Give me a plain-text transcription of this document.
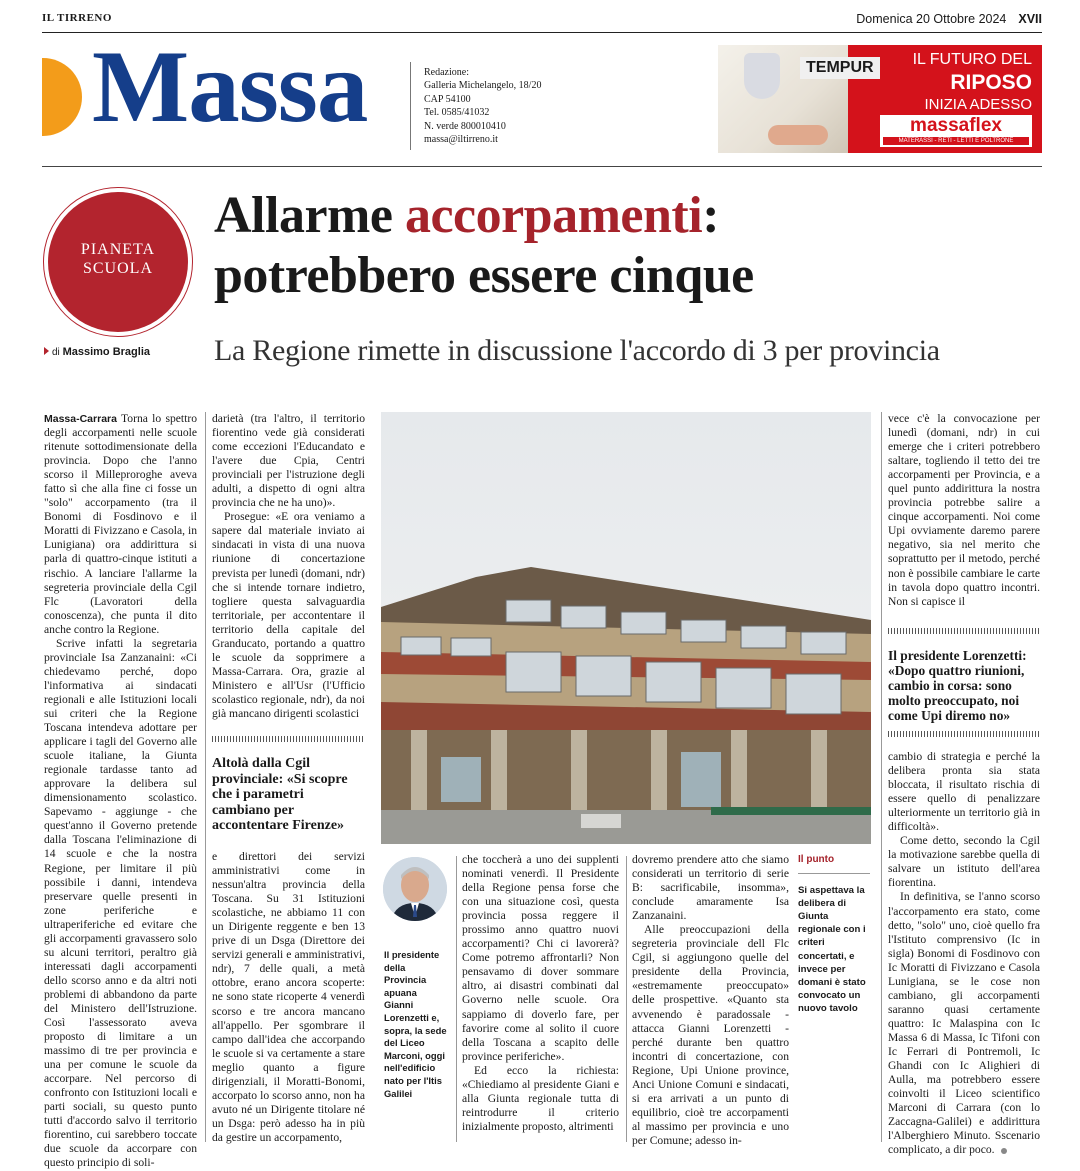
IL TIRRENO	Domenica 20 Ottobre 2024 XVII
Massa	Redazione:
Galleria Michelangelo, 18/20
CAP 54100
Tel. 0585/41032
N. verde 800010410
massa@iltirreno.it
TEMPUR	IL FUTURO DEL
RIPOSO
INIZIA ADESSO
massaflex
MATERASSI - RETI - LETTI E POLTRONE
PIANETA
SCUOLA
di Massimo Braglia
Allarme accorpamenti:
potrebbero essere cinque
La Regione rimette in discussione l'accordo di 3 per provincia

Massa-Carrara Torna lo spettro degli accorpamenti nelle scuole ritenute sottodimensionate della provincia. Dopo che l'anno scorso il Milleproroghe aveva fatto sì che alla fine ci fosse un "solo" accorpamento (tra il Bonomi di Fosdinovo e il Moratti di Fivizzano e Casola, in Lunigiana) ora addirittura si parla di quattro-cinque istituti a rischio. A lanciare l'allarme la segreteria provinciale della Cgil Flc (Lavoratori della conoscenza), che punta il dito anche contro la Regione.

Scrive infatti la segretaria provinciale Isa Zanzanaini: «Ci chiedevamo perché, dopo l'informativa ai sindacati regionali e alle Istituzioni locali sui criteri che la Regione Toscana intendeva adottare per applicare i tagli del Governo alle scuole italiane, la Giunta regionale tardasse tanto ad approvare la delibera sul dimensionamento scolastico. Sapevamo - aggiunge - che quest'anno il Governo pretende dalla Toscana l'eliminazione di 14 scuole e che la nostra Regione, per limitare il più possibile i danni, intendeva preservare quelle presenti in zone periferiche e ultraperiferiche ed evitare che gli accorpamenti gravassero solo su alcuni territori, peraltro già interessati dagli accorpamenti dello scorso anno e da altri noti problemi di abbandono da parte del Ministero dell'Istruzione. Così l'assessorato aveva proposto di limitare a un massimo di tre per provincia e una per comune le scuole da accorpare. Nel percorso di confronto con Istituzioni locali e parti sociali, su questo punto tutti d'accordo salvo il territorio fiorentino, cui sarebbero toccate due scuole da accorpare con questo principio di soli-

darietà (tra l'altro, il territorio fiorentino vede già considerati come eccezioni l'Educandato e l'avere due Cpia, Centri provinciali per l'istruzione degli adulti, a dispetto di ogni altra provincia che ne ha uno)».

Prosegue: «E ora veniamo a sapere dal materiale inviato ai sindacati in vista di una nuova riunione di concertazione prevista per lunedì (domani, ndr) che si intende tornare indietro, togliere questa salvaguardia territoriale, per accontentare il territorio della capitale del Granducato, portando a quattro le scuole da sopprimere a Massa-Carrara. Ora, grazie al Ministero e all'Usr (l'Ufficio scolastico regionale, ndr), da noi già mancano dirigenti scolastici

Altolà dalla Cgil provinciale: «Si scopre che i parametri cambiano per accontentare Firenze»

e direttori dei servizi amministrativi come in nessun'altra provincia della Toscana. Su 31 Istituzioni scolastiche, ne abbiamo 11 con un Dirigente reggente e ben 13 prive di un Dsga (Direttore dei servizi generali e amministrativi, ndr), 7 delle quali, a metà ottobre, erano ancora scoperte: ne sono state ricoperte 4 venerdì scorso e tre ancora mancano all'appello. Per sgombrare il campo dall'idea che accorpando le scuole si va certamente a stare meglio quanto a figure dirigenziali, il Moratti-Bonomi, accorpato lo scorso anno, non ha avuto né un Dirigente titolare né un Dsga: però adesso ha in più da gestire un accorpamento,

Il presidente della Provincia apuana Gianni Lorenzetti e, sopra, la sede del Liceo Marconi, oggi nell'edificio nato per l'Itis Galilei

che toccherà a uno dei supplenti nominati venerdì. Il Presidente della Regione pensa forse che con una situazione così, questa provincia possa reggere il prossimo anno quattro nuovi accorpamenti? Chi ci lavorerà? Come potremo affrontarli? Non pensavamo di dover sommare altro, ai disastri combinati dal Governo nelle scuole. Ora sappiamo di doverlo fare, per favorire come al solito il cuore della Toscana a scapito delle province periferiche».

Ed ecco la richiesta: «Chiediamo al presidente Giani e alla Giunta regionale tutta di reintrodurre il criterio inizialmente proposto, altrimenti

dovremo prendere atto che siamo considerati un territorio di serie B: sacrificabile, insomma», conclude amaramente Isa Zanzanaini.

Alle preoccupazioni della segreteria provinciale dell Flc Cgil, si aggiungono quelle del presidente della Provincia, «estremamente preoccupato» delle prospettive. «Quanto sta avvenendo è paradossale - attacca Gianni Lorenzetti - perché durante ben quattro incontri di concertazione, con Regione, Upi Unione province, Anci Unione Comuni e sindacati, si era arrivati a un punto di equilibrio, cioè tre accorpamenti al massimo per provincia e uno per Comune; adesso in-

Il punto
Si aspettava la delibera di Giunta regionale con i criteri concertati, e invece per domani è stato convocato un nuovo tavolo

vece c'è la convocazione per lunedì (domani, ndr) in cui emerge che i criteri potrebbero saltare, togliendo il tetto dei tre accorpamenti per Provincia, e a quel punto addirittura la nostra provincia potrebbe salire a cinque accorpamenti. Noi come Upi ovviamente daremo parere negativo, sia nel merito che soprattutto per il metodo, perché non è possibile cambiare le carte in tavola dopo quattro incontri. Non si capisce il

Il presidente Lorenzetti: «Dopo quattro riunioni, cambio in corsa: sono molto preoccupato, noi come Upi diremo no»

cambio di strategia e perché la delibera pronta sia stata bloccata, il risultato rischia di essere quello di penalizzare ulteriormente un territorio già in difficoltà».

Come detto, secondo la Cgil la motivazione sarebbe quella di salvare un istituto dell'area fiorentina.

In definitiva, se l'anno scorso l'accorpamento era stato, come detto, "solo" uno, cioè quello fra l'Istituto comprensivo (Ic in sigla) Bonomi di Fosdinovo con Ic Moratti di Fivizzano e Casola Lunigiana, se le cose non cambiano, gli accorpamenti saranno quasi certamente quattro: Ic Malaspina con Ic Massa 6 di Massa, Ic Tifoni con Ic Ferrari di Pontremoli, Ic Ghandi con Ic Alighieri di Aulla, ma potrebbero essere coinvolti il Liceo scientifico Marconi di Carrara (con lo Zaccagna-Galilei) e addirittura l'Alberghiero Minuto. Sscenario complicato, a dir poco.
